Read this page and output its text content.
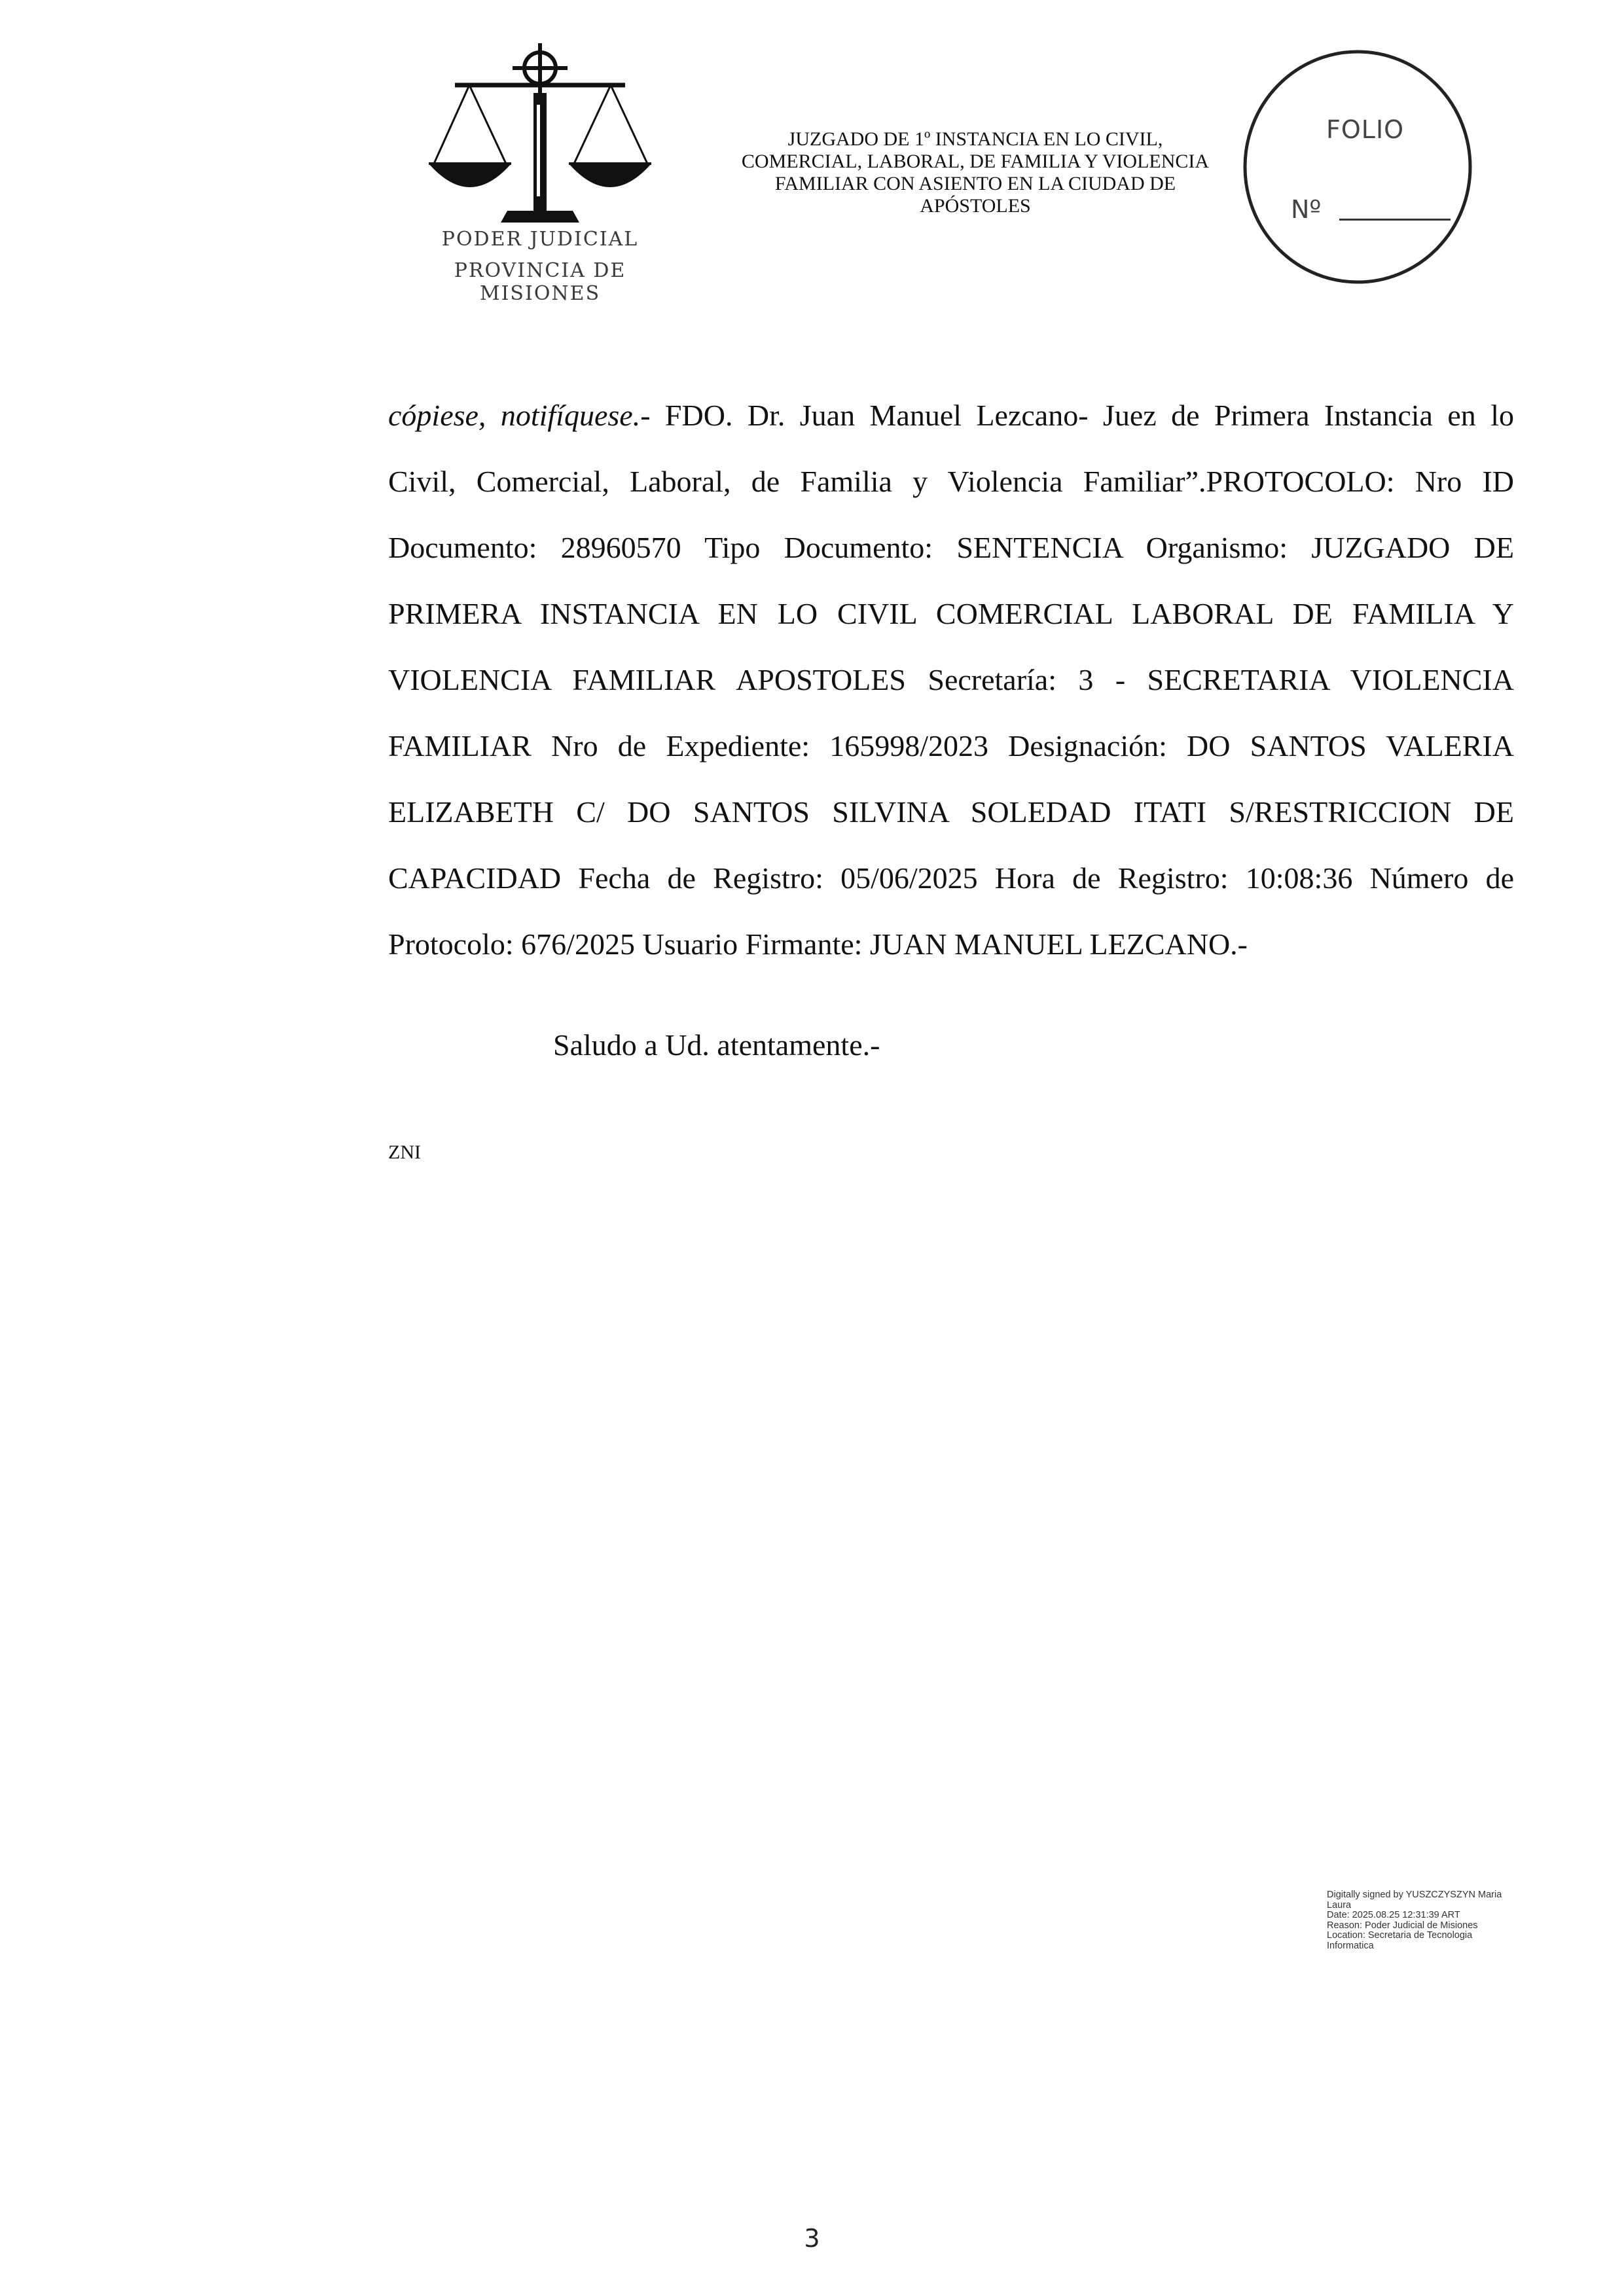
PODER JUDICIAL
PROVINCIA DE MISIONES
JUZGADO DE 1º INSTANCIA EN LO CIVIL,
COMERCIAL, LABORAL, DE FAMILIA Y VIOLENCIA
FAMILIAR CON ASIENTO EN LA CIUDAD DE
APÓSTOLES
FOLIO
Nº
cópiese, notifíquese.- FDO. Dr. Juan Manuel Lezcano- Juez de Primera Instancia en lo
Civil, Comercial, Laboral, de Familia y Violencia Familiar”.PROTOCOLO: Nro ID
Documento: 28960570 Tipo Documento: SENTENCIA Organismo: JUZGADO DE
PRIMERA INSTANCIA EN LO CIVIL COMERCIAL LABORAL DE FAMILIA Y
VIOLENCIA FAMILIAR APOSTOLES Secretaría: 3 - SECRETARIA VIOLENCIA
FAMILIAR Nro de Expediente: 165998/2023 Designación: DO SANTOS VALERIA
ELIZABETH C/ DO SANTOS SILVINA SOLEDAD ITATI S/RESTRICCION DE
CAPACIDAD Fecha de Registro: 05/06/2025 Hora de Registro: 10:08:36 Número de
Protocolo: 676/2025 Usuario Firmante: JUAN MANUEL LEZCANO.-
Saludo a Ud. atentamente.-
ZNI
Digitally signed by YUSZCZYSZYN Maria
Laura
Date: 2025.08.25 12:31:39 ART
Reason: Poder Judicial de Misiones
Location: Secretaria de Tecnologia
Informatica
3
